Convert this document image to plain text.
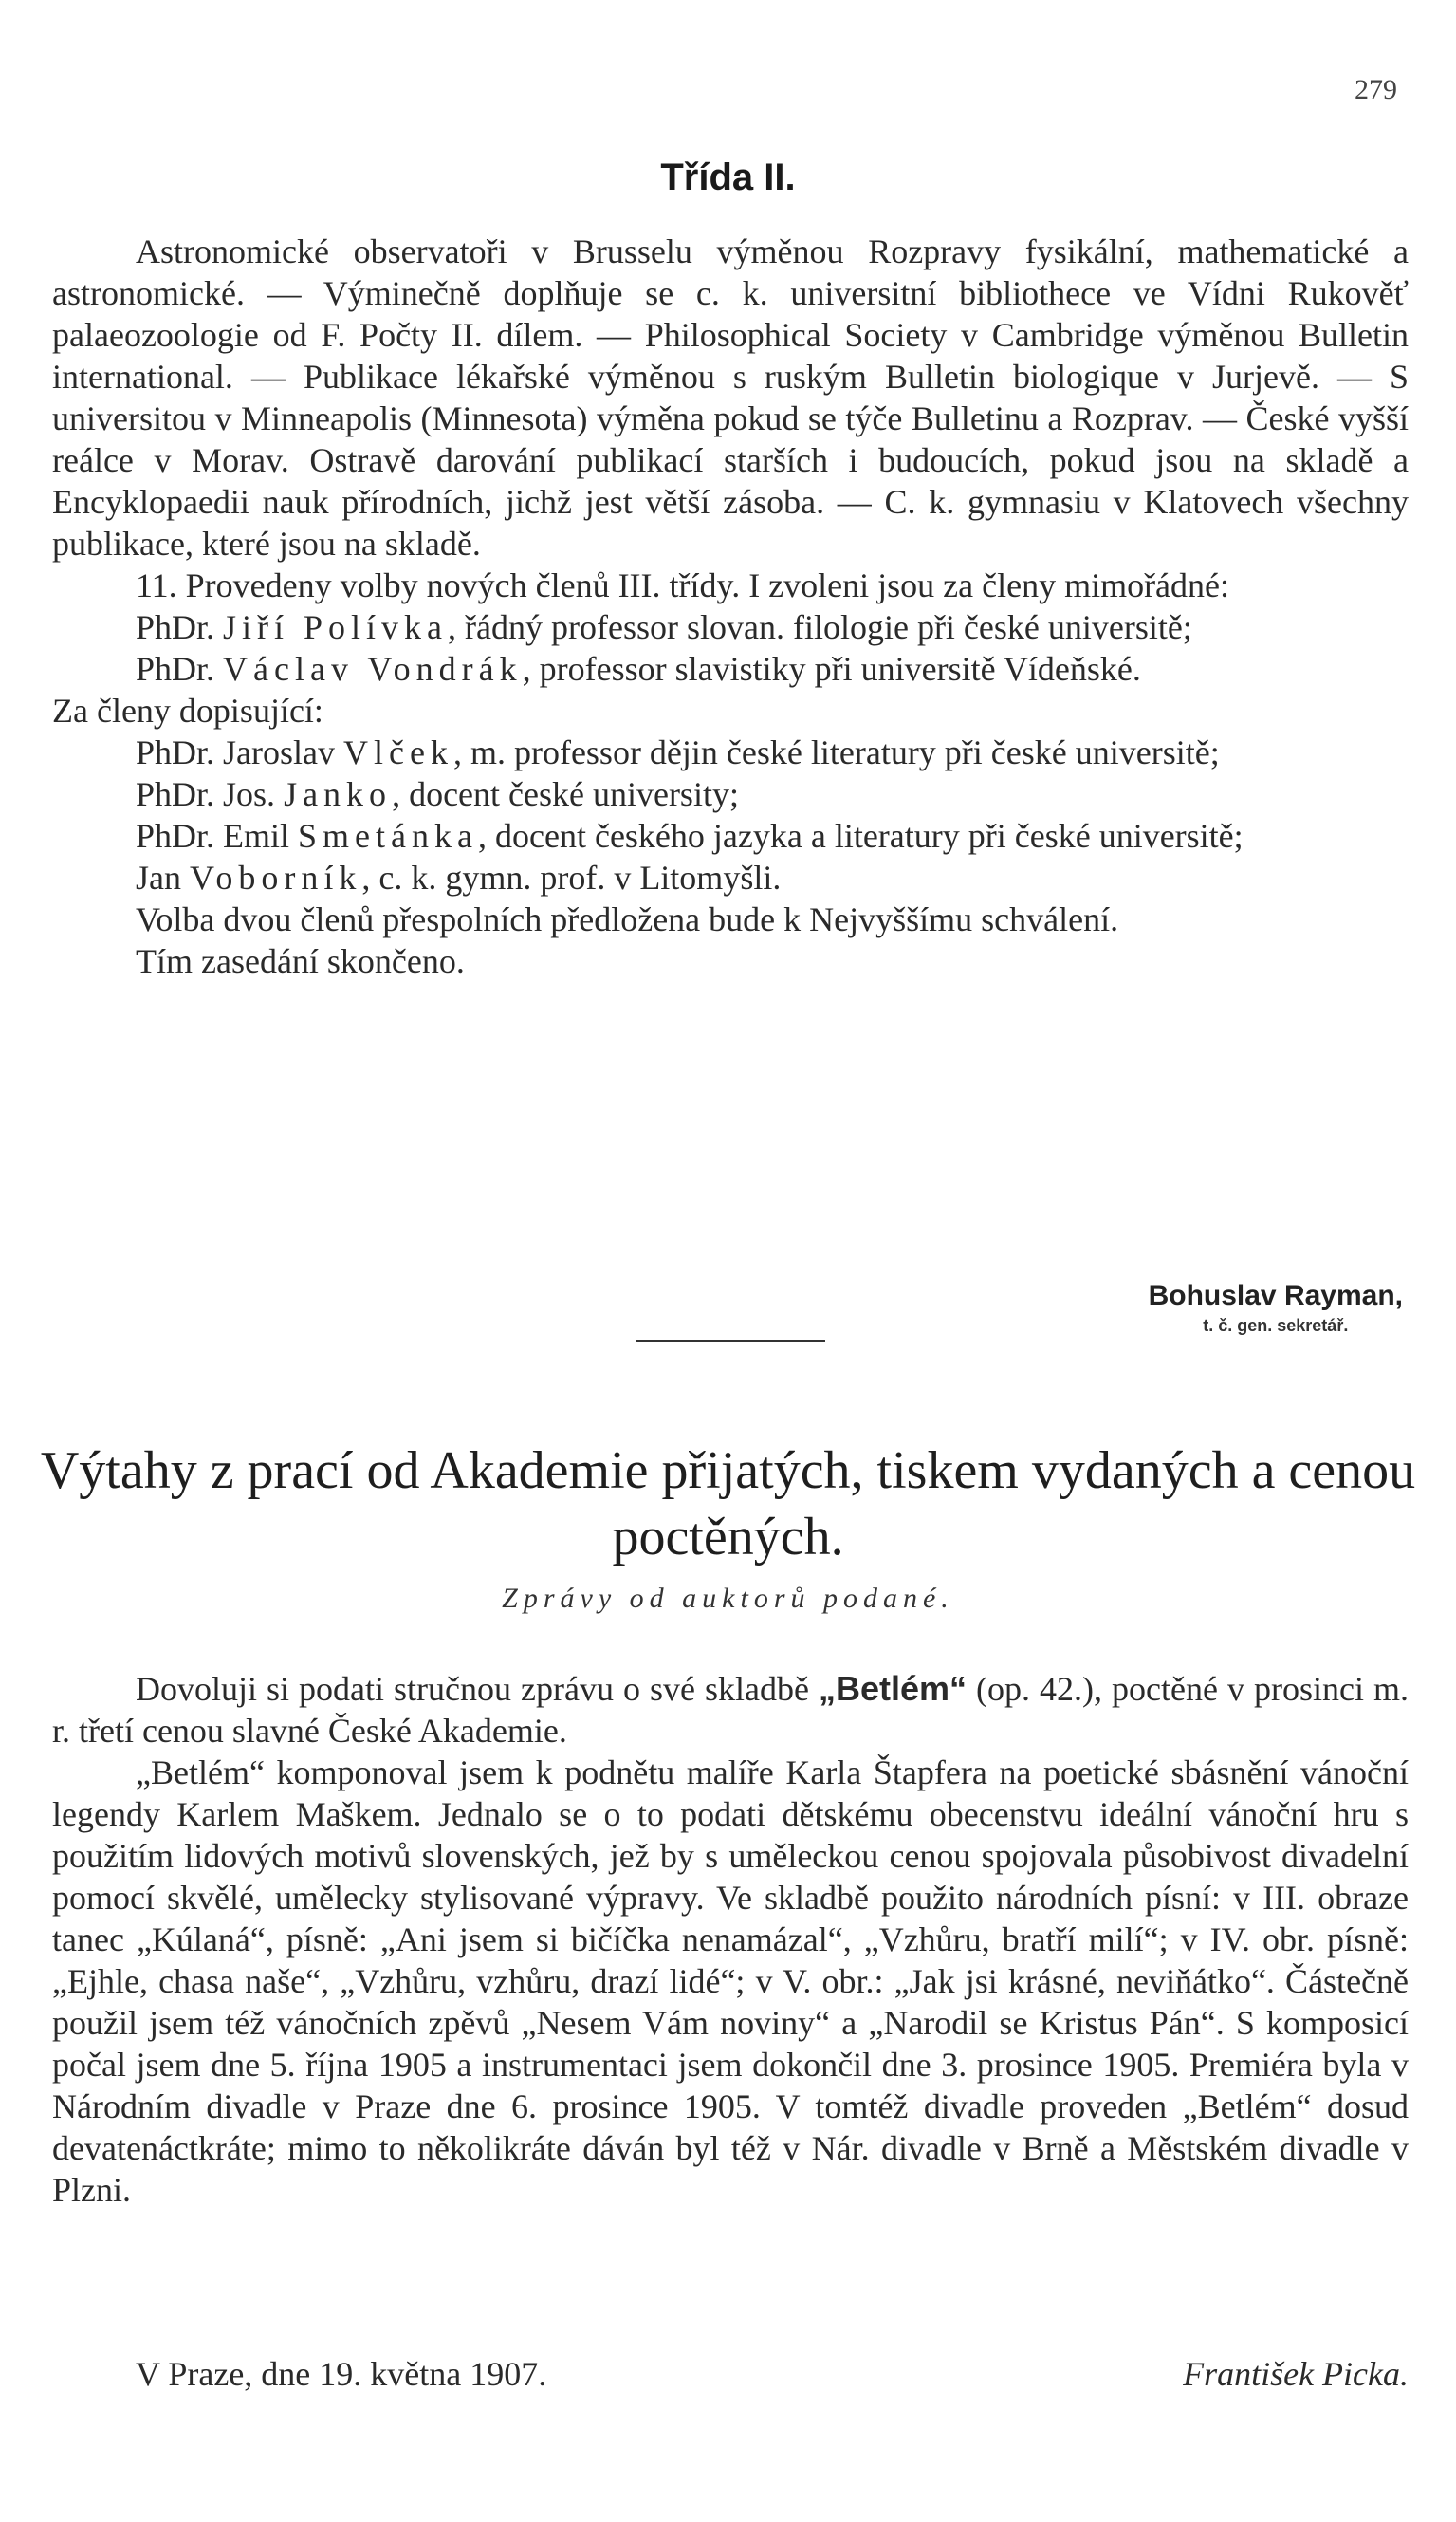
279
Třída II.

Astronomické observatoři v Brusselu výměnou Rozpravy fysikální, mathematické a astronomické. — Výminečně doplňuje se c. k. universitní bibliothece ve Vídni Rukověť palaeozoologie od F. Počty II. dílem. — Philosophical Society v Cambridge výměnou Bulletin international. — Publikace lékařské výměnou s ruským Bulletin biologique v Jurjevě. — S universitou v Minneapolis (Minnesota) výměna pokud se týče Bulletinu a Rozprav. — České vyšší reálce v Morav. Ostravě darování publikací starších i budoucích, pokud jsou na skladě a Encyklopaedii nauk přírodních, jichž jest větší zásoba. — C. k. gymnasiu v Klatovech všechny publikace, které jsou na skladě.

11. Provedeny volby nových členů III. třídy. I zvoleni jsou za členy mimořádné:

PhDr. Jiří Polívka, řádný professor slovan. filologie při české universitě;

PhDr. Václav Vondrák, professor slavistiky při universitě Vídeňské.

Za členy dopisující:

PhDr. Jaroslav Vlček, m. professor dějin české literatury při české universitě;

PhDr. Jos. Janko, docent české university;

PhDr. Emil Smetánka, docent českého jazyka a literatury při české universitě;

Jan Voborník, c. k. gymn. prof. v Litomyšli.

Volba dvou členů přespolních předložena bude k Nejvyššímu schválení.

Tím zasedání skončeno.

Bohuslav Rayman,
t. č. gen. sekretář.
Výtahy z prací od Akademie přijatých, tiskem vydaných a cenou poctěných.
Zprávy od auktorů podané.

Dovoluji si podati stručnou zprávu o své skladbě „Betlém“ (op. 42.), poctěné v prosinci m. r. třetí cenou slavné České Akademie.

„Betlém“ komponoval jsem k podnětu malíře Karla Štapfera na poetické sbásnění vánoční legendy Karlem Maškem. Jednalo se o to podati dětskému obecenstvu ideální vánoční hru s použitím lidových motivů slovenských, jež by s uměleckou cenou spojovala působivost divadelní pomocí skvělé, umělecky stylisované výpravy. Ve skladbě použito národních písní: v III. obraze tanec „Kúlaná“, písně: „Ani jsem si bičíčka nenamázal“, „Vzhůru, bratří milí“; v IV. obr. písně: „Ejhle, chasa naše“, „Vzhůru, vzhůru, drazí lidé“; v V. obr.: „Jak jsi krásné, neviňátko“. Částečně použil jsem též vánočních zpěvů „Nesem Vám noviny“ a „Narodil se Kristus Pán“. S komposicí počal jsem dne 5. října 1905 a instrumentaci jsem dokončil dne 3. prosince 1905. Premiéra byla v Národním divadle v Praze dne 6. prosince 1905. V tomtéž divadle proveden „Betlém“ dosud devatenáctkráte; mimo to několikráte dáván byl též v Nár. divadle v Brně a Městském divadle v Plzni.

V Praze, dne 19. května 1907.	František Picka.
